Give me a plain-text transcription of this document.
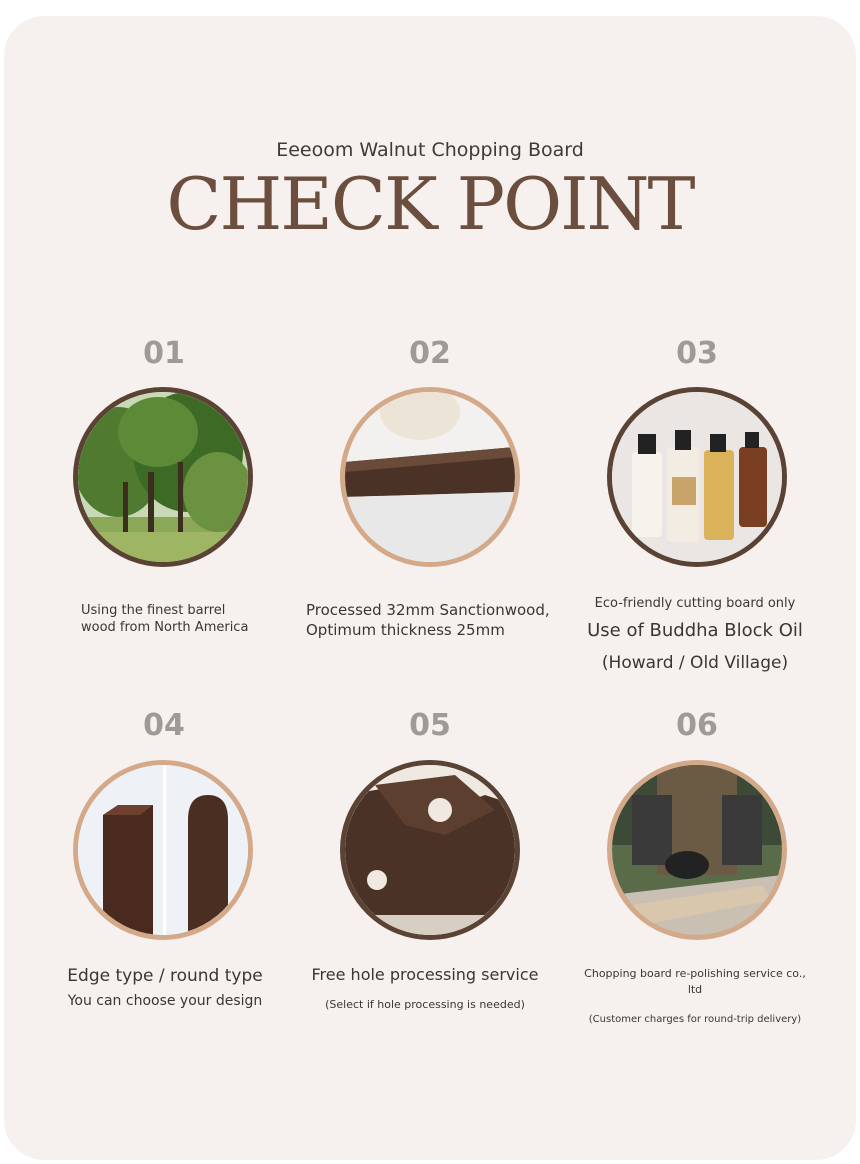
Eeeoom Walnut Chopping Board
CHECK POINT
01
Using the finest barrel
wood from North America
02
Processed 32mm Sanctionwood,
Optimum thickness 25mm
03
Eco-friendly cutting board only
Use of Buddha Block Oil
(Howard / Old Village)
04
Edge type / round type
You can choose your design
05
Free hole processing service
(Select if hole processing is needed)
06
Chopping board re-polishing service co., ltd
(Customer charges for round-trip delivery)
